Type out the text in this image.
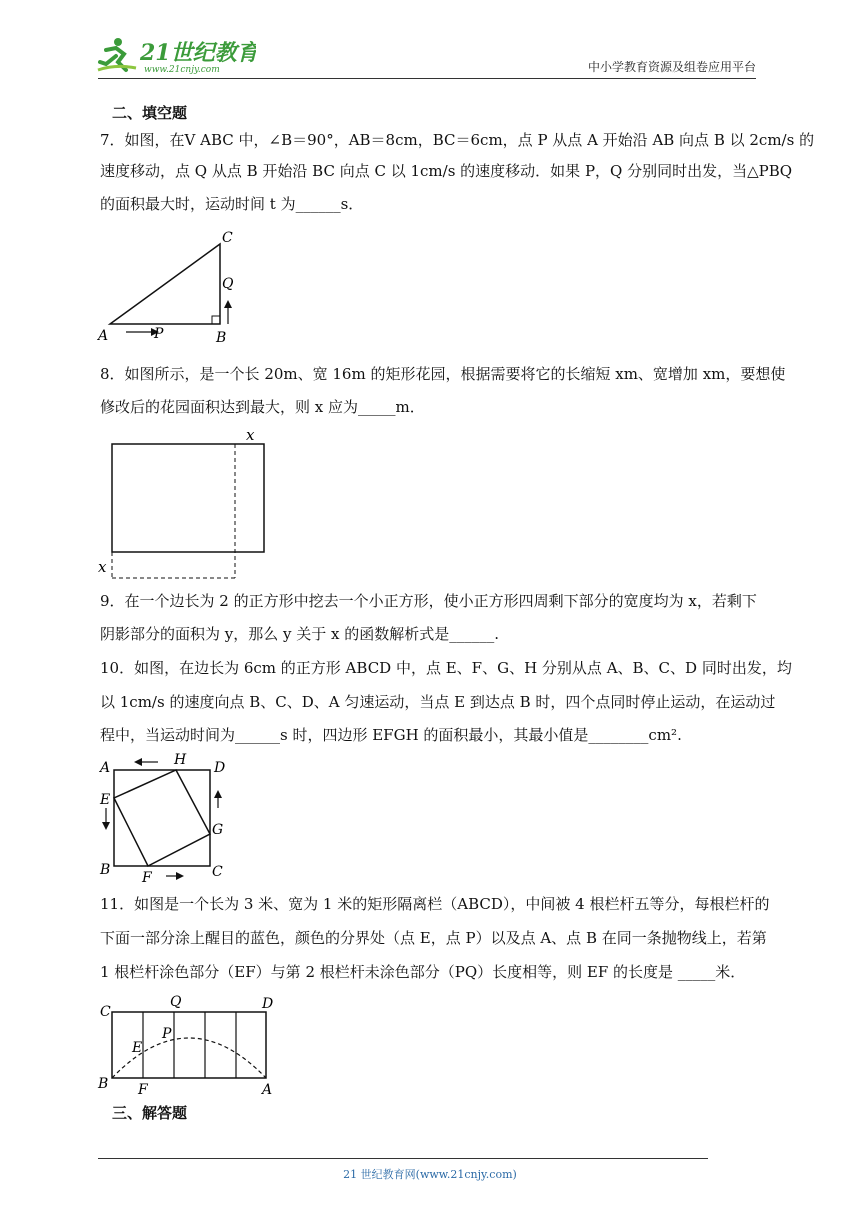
21世纪教育
www.21cnjy.com	中小学教育资源及组卷应用平台
二、填空题
7．如图，在V ABC 中，∠B＝90°，AB＝8cm，BC＝6cm，点 P 从点 A 开始沿 AB 向点 B 以 2cm/s 的
速度移动，点 Q 从点 B 开始沿 BC 向点 C 以 1cm/s 的速度移动．如果 P，Q 分别同时出发，当△PBQ
的面积最大时，运动时间 t 为______s．
A	P	B
C
Q
8．如图所示，是一个长 20m、宽 16m 的矩形花园，根据需要将它的长缩短 xm、宽增加 xm，要想使
修改后的花园面积达到最大，则 x 应为_____m．
x
x
9．在一个边长为 2 的正方形中挖去一个小正方形，使小正方形四周剩下部分的宽度均为 x，若剩下
阴影部分的面积为 y，那么 y 关于 x 的函数解析式是______.
10．如图，在边长为 6cm 的正方形 ABCD 中，点 E、F、G、H 分别从点 A、B、C、D 同时出发，均
以 1cm/s 的速度向点 B、C、D、A 匀速运动，当点 E 到达点 B 时，四个点同时停止运动，在运动过
程中，当运动时间为______s 时，四边形 EFGH 的面积最小，其最小值是________cm².
A	H D
E
G
B	C
F
11．如图是一个长为 3 米、宽为 1 米的矩形隔离栏（ABCD），中间被 4 根栏杆五等分，每根栏杆的
下面一部分涂上醒目的蓝色，颜色的分界处（点 E，点 P）以及点 A、点 B 在同一条抛物线上，若第
1 根栏杆涂色部分（EF）与第 2 根栏杆未涂色部分（PQ）长度相等，则 EF 的长度是 _____米．
C
Q	D
P
E
B F	A
三、解答题
21 世纪教育网(www.21cnjy.com)
